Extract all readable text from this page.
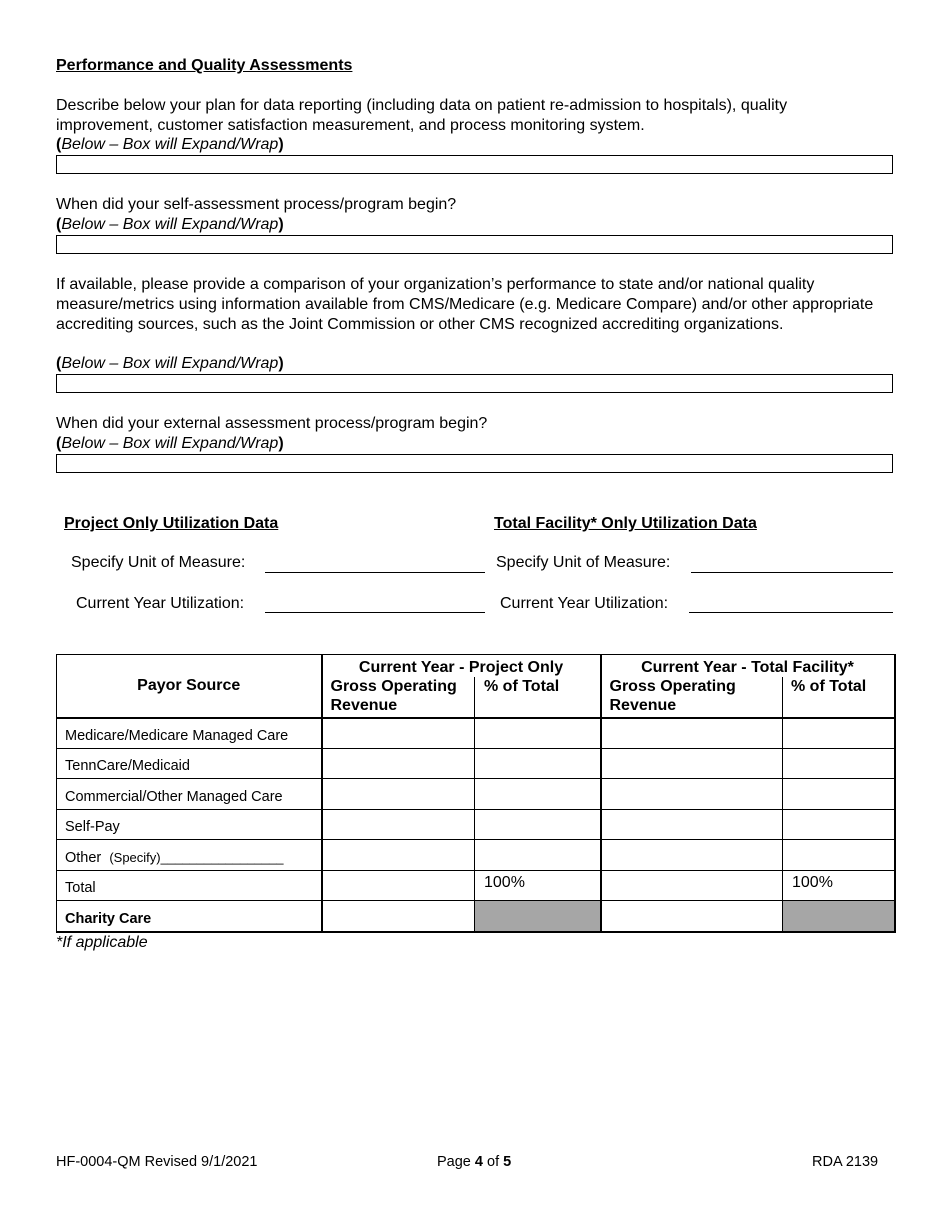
Performance and Quality Assessments
Describe below your plan for data reporting (including data on patient re-admission to hospitals), quality improvement, customer satisfaction measurement, and process monitoring system.
(Below – Box will Expand/Wrap)
When did your self-assessment process/program begin?
(Below – Box will Expand/Wrap)
If available, please provide a comparison of your organization’s performance to state and/or national quality measure/metrics using information available from CMS/Medicare (e.g. Medicare Compare) and/or other appropriate accrediting sources, such as the Joint Commission or other CMS recognized accrediting organizations.
(Below – Box will Expand/Wrap)
When did your external assessment process/program begin?
(Below – Box will Expand/Wrap)
Project Only Utilization Data	Total Facility* Only Utilization Data
Specify Unit of Measure:	Specify Unit of Measure:
Current Year Utilization:	Current Year Utilization:
Payor Source	Current Year - Project Only		Current Year - Total Facility*	
	Gross Operating Revenue	% of Total	Gross Operating Revenue	% of Total
Medicare/Medicare Managed Care				
TennCare/Medicaid				
Commercial/Other Managed Care				
Self-Pay				
Other (Specify)_________________				
Total		100%		100%
Charity Care				
*If applicable
HF-0004-QM Revised 9/1/2021	Page 4 of 5	RDA 2139
